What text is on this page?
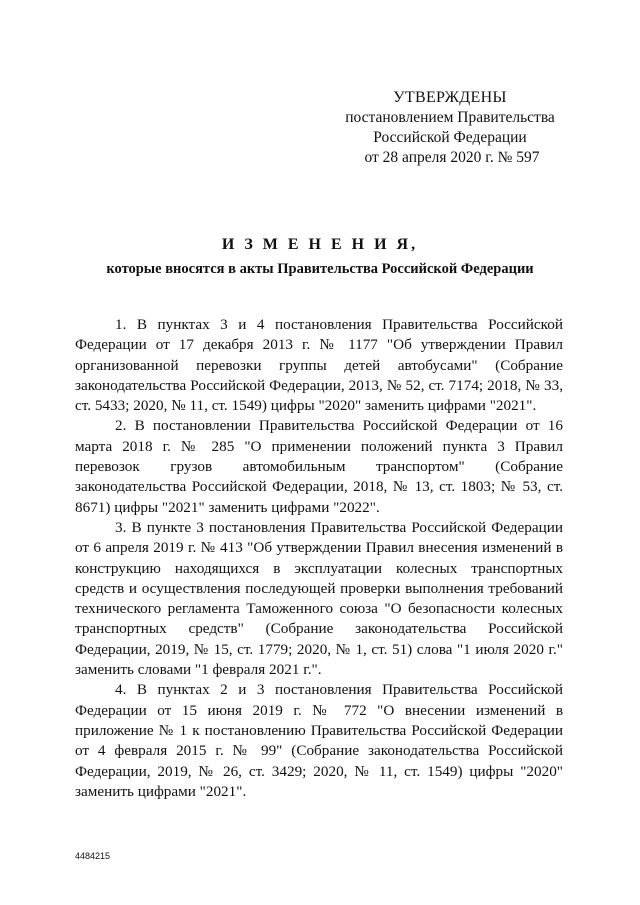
УТВЕРЖДЕНЫ
постановлением Правительства
Российской Федерации
от 28 апреля 2020 г. № 597
И З М Е Н Е Н И Я,
которые вносятся в акты Правительства Российской Федерации

1. В пунктах 3 и 4 постановления Правительства Российской Федерации от 17 декабря 2013 г. № 1177 "Об утверждении Правил организованной перевозки группы детей автобусами" (Собрание законодательства Российской Федерации, 2013, № 52, ст. 7174; 2018, № 33, ст. 5433; 2020, № 11, ст. 1549) цифры "2020" заменить цифрами "2021".

2. В постановлении Правительства Российской Федерации от 16 марта 2018 г. № 285 "О применении положений пункта 3 Правил перевозок грузов автомобильным транспортом" (Собрание законодательства Российской Федерации, 2018, № 13, ст. 1803; № 53, ст. 8671) цифры "2021" заменить цифрами "2022".

3. В пункте 3 постановления Правительства Российской Федерации от 6 апреля 2019 г. № 413 "Об утверждении Правил внесения изменений в конструкцию находящихся в эксплуатации колесных транспортных средств и осуществления последующей проверки выполнения требований технического регламента Таможенного союза "О безопасности колесных транспортных средств" (Собрание законодательства Российской Федерации, 2019, № 15, ст. 1779; 2020, № 1, ст. 51) слова "1 июля 2020 г." заменить словами "1 февраля 2021 г.".

4. В пунктах 2 и 3 постановления Правительства Российской Федерации от 15 июня 2019 г. № 772 "О внесении изменений в приложение № 1 к постановлению Правительства Российской Федерации от 4 февраля 2015 г. № 99" (Собрание законодательства Российской Федерации, 2019, № 26, ст. 3429; 2020, № 11, ст. 1549) цифры "2020" заменить цифрами "2021".

4484215
